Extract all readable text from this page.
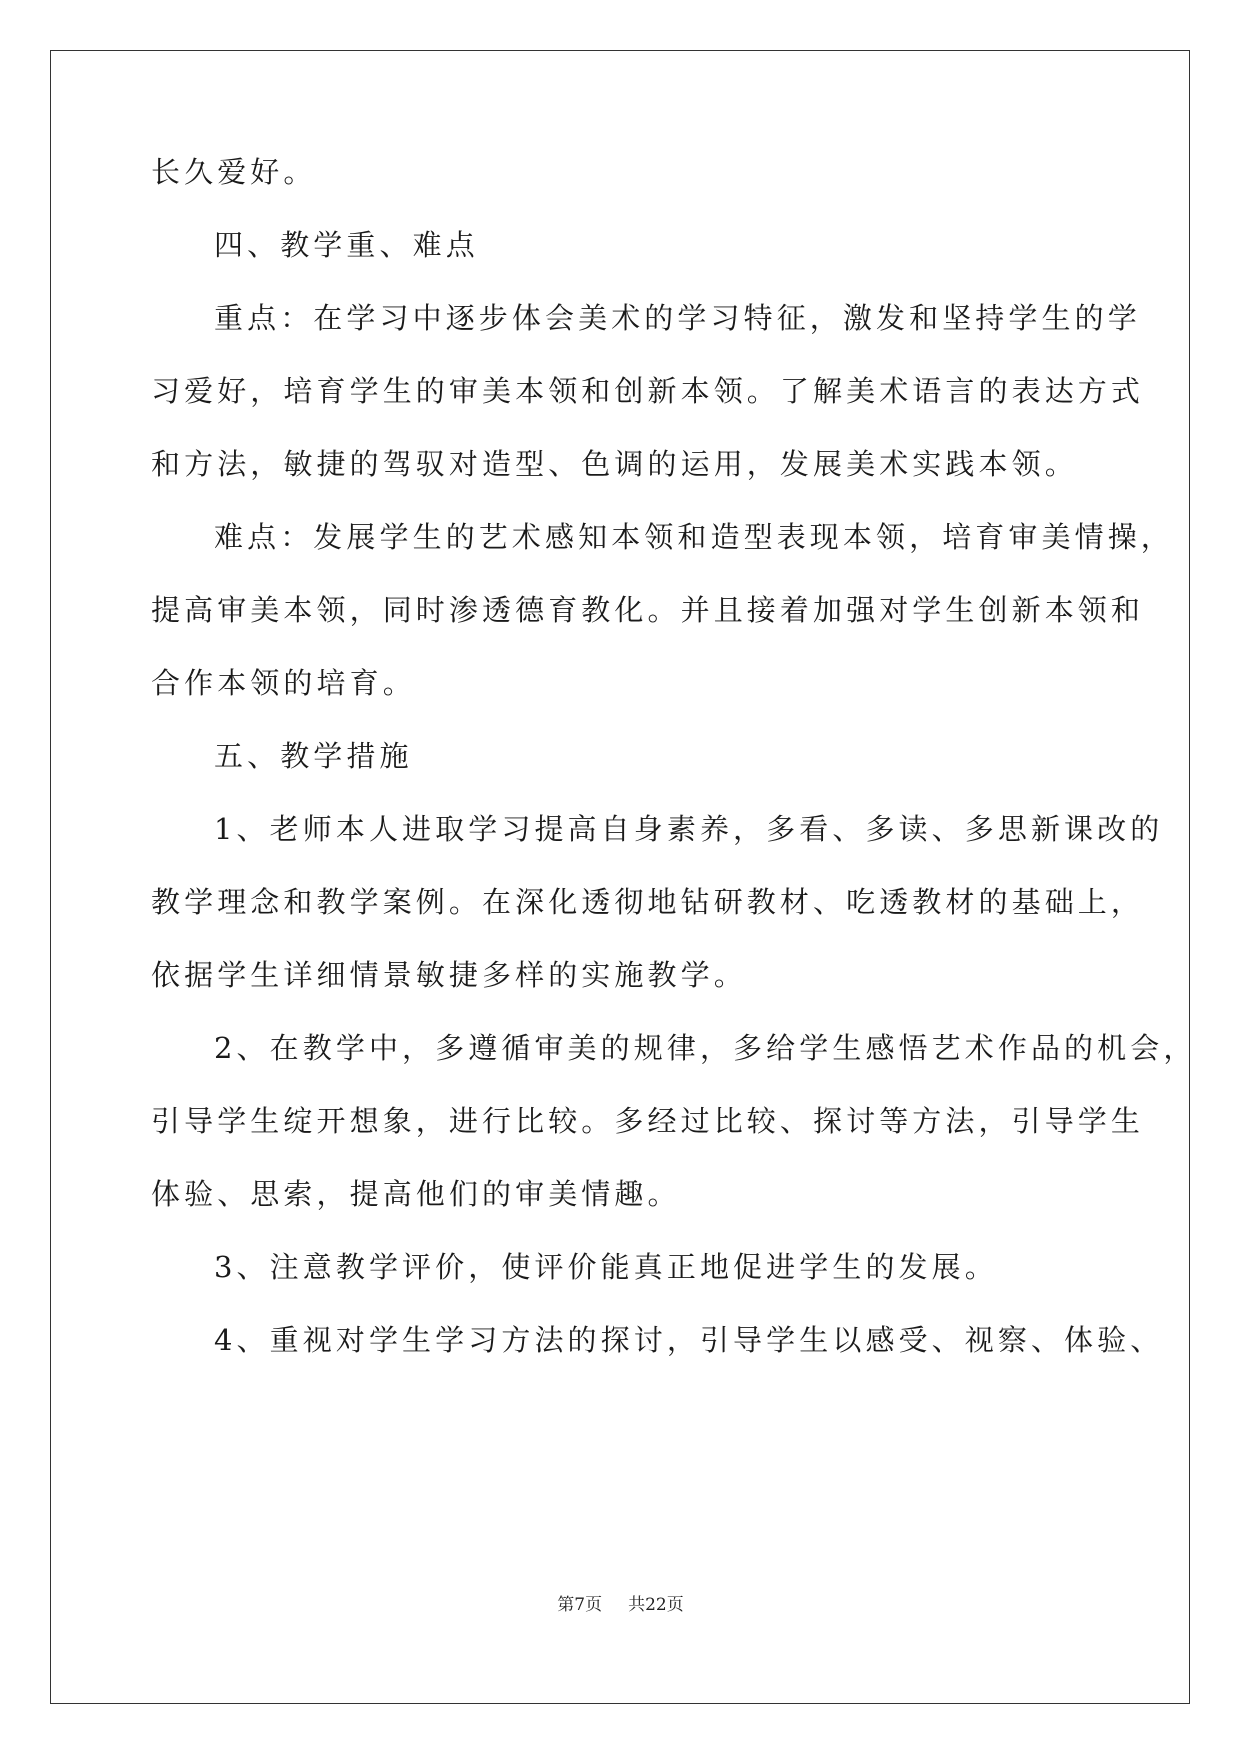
长久爱好。
四、教学重、难点
重点：在学习中逐步体会美术的学习特征，激发和坚持学生的学
习爱好，培育学生的审美本领和创新本领。了解美术语言的表达方式
和方法，敏捷的驾驭对造型、色调的运用，发展美术实践本领。
难点：发展学生的艺术感知本领和造型表现本领，培育审美情操，
提高审美本领，同时渗透德育教化。并且接着加强对学生创新本领和
合作本领的培育。
五、教学措施
1、老师本人进取学习提高自身素养，多看、多读、多思新课改的
教学理念和教学案例。在深化透彻地钻研教材、吃透教材的基础上，
依据学生详细情景敏捷多样的实施教学。
2、在教学中，多遵循审美的规律，多给学生感悟艺术作品的机会，
引导学生绽开想象，进行比较。多经过比较、探讨等方法，引导学生
体验、思索，提高他们的审美情趣。
3、注意教学评价，使评价能真正地促进学生的发展。
4、重视对学生学习方法的探讨，引导学生以感受、视察、体验、
第7页 共22页
